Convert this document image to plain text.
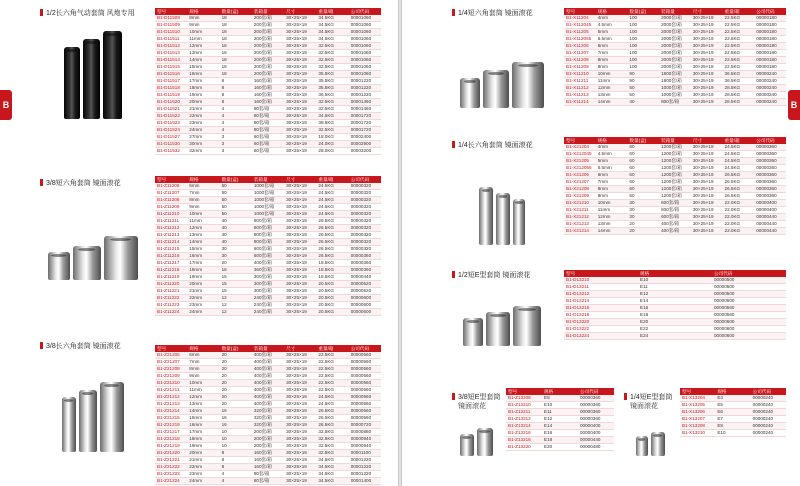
B
1/2长六角气动套筒 风炮专用	型号	规格	数量(盒)	装箱量	尺寸	重量/箱	公司代码
B1-D11508	8mm	18	200套/箱	30×25×19	34.5KG	00001060
B1-D11509	9mm	18	200套/箱	30×25×19	34.5KG	00001060
B1-D11510	10mm	18	200套/箱	30×25×19	34.5KG	00001060
B1-D11511	11mm	18	200套/箱	30×25×19	34.5KG	00001060
B1-D11512	12mm	18	200套/箱	30×25×19	32.5KG	00001060
B1-D11513	13mm	18	200套/箱	30×25×19	32.5KG	00001060
B1-D11514	14mm	18	200套/箱	30×25×19	32.5KG	00001060
B1-D11515	15mm	18	200套/箱	30×25×19	32.5KG	00001060
B1-D11516	16mm	18	200套/箱	30×25×19	35.5KG	00001060
B1-D11517	17mm	8	160套/箱	30×25×19	35.5KG	00001220
B1-D11518	18mm	8	160套/箱	30×25×19	35.5KG	00001220
B1-D11519	19mm	8	160套/箱	30×25×19	36.5KG	00001220
B1-D11520	20mm	8	160套/箱	30×25×19	32.5KG	00001460
B1-D11521	21mm	4	80套/箱	30×25×19	32.5KG	00001460
B1-D11522	22mm	4	80套/箱	30×25×19	34.5KG	00001720
B1-D11523	23mm	4	80套/箱	30×25×19	38.5KG	00001720
B1-D11524	24mm	4	80套/箱	30×25×19	32.5KG	00001720
B1-D11527	27mm	3	60套/箱	30×25×19	18.0KG	00002400
B1-D11530	30mm	3	60套/箱	30×25×19	24.0KG	00002900
B1-D11532	32mm	3	60套/箱	30×25×19	28.0KG	00003200
3/8短六角套筒 镜面滚花
型号	规格	数量(盒)	装箱量	尺寸	重量/箱	公司代码
B1-Z11206	6mm	50	1000套/箱	30×25×19	24.5KG	00000320
B1-Z11207	7mm	50	1000套/箱	30×25×19	24.5KG	00000320
B1-Z11208	8mm	50	1000套/箱	30×25×19	24.5KG	00000320
B1-Z11209	9mm	50	1000套/箱	30×25×19	24.5KG	00000320
B1-Z11210	10mm	50	1000套/箱	30×25×19	24.5KG	00000320
B1-Z11211	11mm	40	800套/箱	30×25×19	26.5KG	00000320
B1-Z11212	12mm	40	800套/箱	30×25×19	26.5KG	00000320
B1-Z11213	13mm	40	800套/箱	30×25×19	26.5KG	00000320
B1-Z11214	14mm	40	800套/箱	30×25×19	26.5KG	00000320
B1-Z11215	15mm	30	600套/箱	30×25×19	26.5KG	00000320
B1-Z11216	16mm	30	600套/箱	30×25×19	26.5KG	00000360
B1-Z11217	17mm	20	400套/箱	30×25×19	18.5KG	00000360
B1-Z11218	18mm	18	360套/箱	30×25×19	18.5KG	00000360
B1-Z11219	19mm	15	300套/箱	30×25×19	18.5KG	00000440
B1-Z11220	20mm	15	300套/箱	30×25×19	20.5KG	00000520
B1-Z11221	21mm	15	300套/箱	30×25×19	20.5KG	00000520
B1-Z11222	22mm	12	240套/箱	30×25×19	20.5KG	00000600
B1-Z11223	23mm	12	240套/箱	30×25×19	20.5KG	00000600
B1-Z11224	24mm	12	240套/箱	30×25×19	20.5KG	00000600
3/8长六角套筒 镜面滚花	型号	规格	数量(盒)	装箱量	尺寸	重量/箱	公司代码
B1-Z21206	6mm	20	400套/箱	30×25×19	22.5KG	00000560
B1-Z21207	7mm	20	400套/箱	30×25×19	22.5KG	00000560
B1-Z21208	8mm	20	400套/箱	30×25×19	22.5KG	00000560
B1-Z21209	9mm	20	400套/箱	30×25×19	22.5KG	00000560
B1-Z21210	10mm	20	400套/箱	30×25×19	22.5KG	00000560
B1-Z21211	11mm	20	400套/箱	30×25×19	22.5KG	00000560
B1-Z21212	12mm	20	400套/箱	30×25×19	24.5KG	00000560
B1-Z21213	13mm	20	400套/箱	30×25×19	24.5KG	00000560
B1-Z21214	14mm	16	320套/箱	30×25×19	26.5KG	00000560
B1-Z21215	15mm	16	320套/箱	30×25×19	26.5KG	00000560
B1-Z21216	16mm	16	320套/箱	30×25×19	26.5KG	00000720
B1-Z21217	17mm	10	200套/箱	30×25×19	32.5KG	00000880
B1-Z21218	18mm	10	200套/箱	30×25×19	32.5KG	00000940
B1-Z21219	19mm	10	200套/箱	30×25×19	32.5KG	00000940
B1-Z21220	20mm	8	160套/箱	30×25×19	32.5KG	00001100
B1-Z21221	21mm	8	160套/箱	30×25×19	34.5KG	00001220
B1-Z21222	22mm	8	160套/箱	30×25×19	34.5KG	00001220
B1-Z21223	23mm	4	80套/箱	30×25×19	34.5KG	00001220
B1-Z21224	24mm	4	80套/箱	30×25×19	34.5KG	00001400
B
1/4短六角套筒 镜面滚花	型号	规格	数量(盒)	装箱量	尺寸	重量/箱	公司代码
B1-X11204	4mm	100	2000套/箱	30×25×19	22.5KG	00000180
B1-X112045	4.5mm	100	2000套/箱	30×25×19	22.5KG	00000180
B1-X11205	5mm	100	2000套/箱	30×25×19	22.5KG	00000180
B1-X112055	5.5mm	100	2000套/箱	30×25×19	22.5KG	00000180
B1-X11206	6mm	100	2000套/箱	30×25×19	22.5KG	00000180
B1-X11207	7mm	100	2000套/箱	30×25×19	22.5KG	00000180
B1-X11208	8mm	100	2000套/箱	30×25×19	22.5KG	00000180
B1-X11209	9mm	100	2000套/箱	30×25×19	22.5KG	00000180
B1-X11210	10mm	90	1800套/箱	30×25×19	36.5KG	00000240
B1-X11211	11mm	90	1800套/箱	30×25×19	36.5KG	00000240
B1-X11212	12mm	50	1000套/箱	30×25×19	28.5KG	00000240
B1-X11213	13mm	50	1000套/箱	30×25×19	28.5KG	00000240
B1-X11214	14mm	40	800套/箱	30×25×19	28.5KG	00000240
1/4长六角套筒 镜面滚花
型号	规格	数量(盒)	装箱量	尺寸	重量/箱	公司代码
B1-X21204	4mm	60	1200套/箱	30×25×19	24.5KG	00000360
B1-X212045	4.5mm	60	1200套/箱	30×25×19	24.5KG	00000360
B1-X21205	5mm	60	1200套/箱	30×25×19	24.5KG	00000360
B1-X212055	5.5mm	60	1200套/箱	30×25×19	24.5KG	00000360
B1-X21206	6mm	60	1200套/箱	30×25×19	26.5KG	00000360
B1-X21207	7mm	60	1200套/箱	30×25×19	26.5KG	00000360
B1-X21208	8mm	60	1200套/箱	30×25×19	26.5KG	00000360
B1-X21209	9mm	60	1200套/箱	30×25×19	26.5KG	00000360
B1-X21210	10mm	30	600套/箱	30×25×19	22.0KG	00000400
B1-X21211	11mm	30	600套/箱	30×25×19	22.0KG	00000400
B1-X21212	12mm	30	600套/箱	30×25×19	22.0KG	00000440
B1-X21213	13mm	20	400套/箱	30×25×19	22.0KG	00000440
B1-X21214	14mm	20	400套/箱	30×25×19	22.0KG	00000440
1/2短E型套筒 镜面滚花	型号	规格	公司代码
B1-D13210	E10	00000500
B1-D13211	E11	00000500
B1-D13212	E12	00000500
B1-D13214	E14	00000500
B1-D13216	E16	00000560
B1-D13218	E18	00000560
B1-D13220	E20	00000600
B1-D13222	E22	00000600
B1-D13224	E24	00000600
3/8短E型套筒
镜面滚花
型号	规格	公司代码
B1-Z13208	E8	00000360
B1-Z13210	E10	00000360
B1-Z13211	E11	00000360
B1-Z13212	E12	00000360
B1-Z13214	E14	00000400
B1-Z13216	E16	00000400
B1-Z13218	E18	00000440
B1-Z13220	E20	00000480
1/4短E型套筒
镜面滚花
型号	规格	公司代码
B1-X13204	E4	00000240
B1-X13205	E5	00000240
B1-X13206	E6	00000240
B1-X13207	E7	00000240
B1-X13208	E8	00000240
B1-X13210	E10	00000240
